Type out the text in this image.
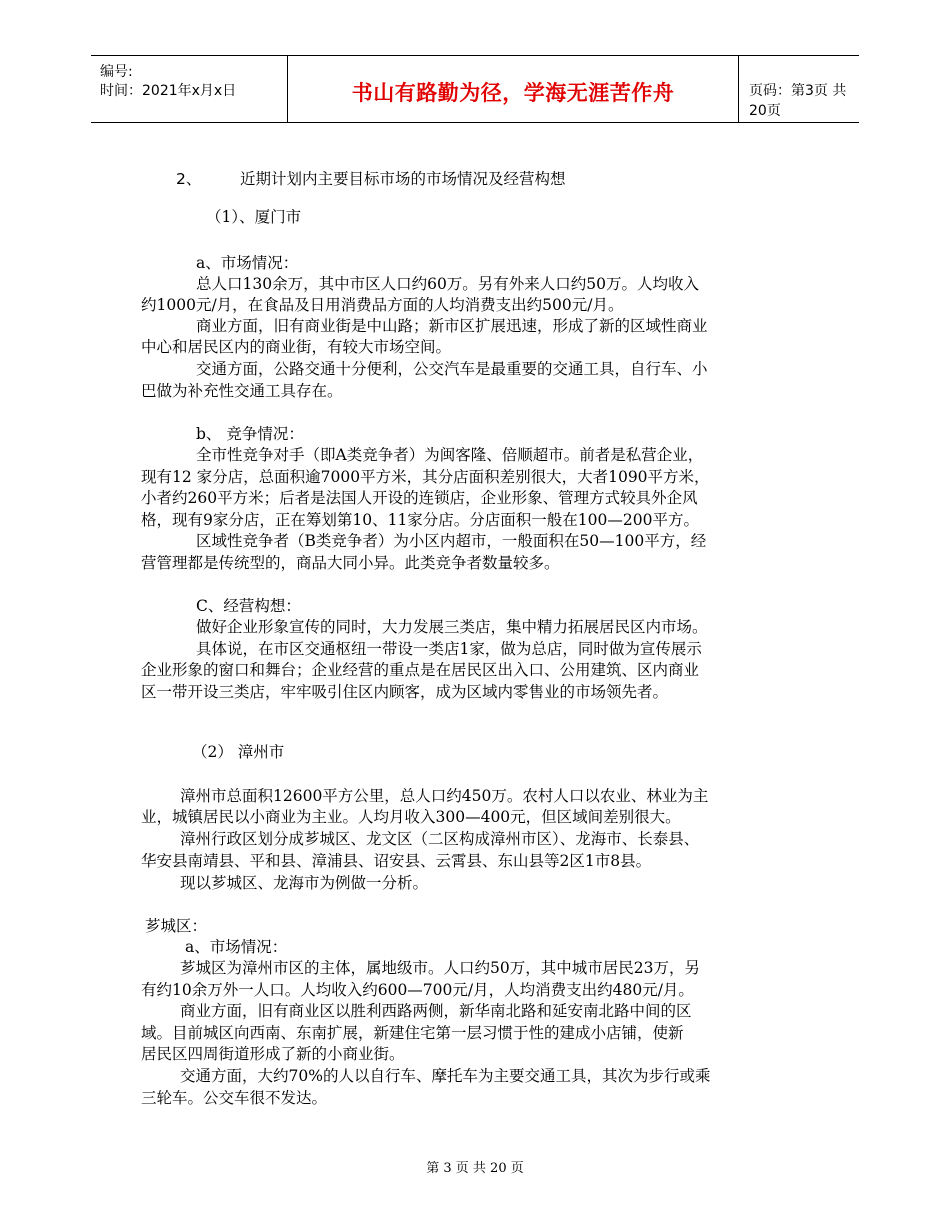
编号:
时间：2021年x月x日	书山有路勤为径，学海无涯苦作舟	页码：第3页 共20页
2、 近期计划内主要目标市场的市场情况及经营构想
（1）、厦门市
a、市场情况：
总人口130余万，其中市区人口约60万。另有外来人口约50万。人均收入
约1000元/月，在食品及日用消费品方面的人均消费支出约500元/月。
商业方面，旧有商业街是中山路；新市区扩展迅速，形成了新的区域性商业
中心和居民区内的商业街，有较大市场空间。
交通方面，公路交通十分便利，公交汽车是最重要的交通工具，自行车、小
巴做为补充性交通工具存在。
b、 竞争情况：
全市性竞争对手（即A类竞争者）为闽客隆、倍顺超市。前者是私营企业，
现有12 家分店，总面积逾7000平方米，其分店面积差别很大，大者1090平方米，
小者约260平方米；后者是法国人开设的连锁店，企业形象、管理方式较具外企风
格，现有9家分店，正在筹划第10、11家分店。分店面积一般在100—200平方。
区域性竞争者（B类竞争者）为小区内超市，一般面积在50—100平方，经
营管理都是传统型的，商品大同小异。此类竞争者数量较多。
C、经营构想：
做好企业形象宣传的同时，大力发展三类店，集中精力拓展居民区内市场。
具体说，在市区交通枢纽一带设一类店1家，做为总店，同时做为宣传展示
企业形象的窗口和舞台；企业经营的重点是在居民区出入口、公用建筑、区内商业
区一带开设三类店，牢牢吸引住区内顾客，成为区域内零售业的市场领先者。
（2） 漳州市
漳州市总面积12600平方公里，总人口约450万。农村人口以农业、林业为主
业，城镇居民以小商业为主业。人均月收入300—400元，但区域间差别很大。
漳州行政区划分成芗城区、龙文区（二区构成漳州市区）、龙海市、长泰县、
华安县南靖县、平和县、漳浦县、诏安县、云霄县、东山县等2区1市8县。
现以芗城区、龙海市为例做一分析。
芗城区：
a、市场情况：
芗城区为漳州市区的主体，属地级市。人口约50万，其中城市居民23万，另
有约10余万外一人口。人均收入约600—700元/月，人均消费支出约480元/月。
商业方面，旧有商业区以胜利西路两侧，新华南北路和延安南北路中间的区
域。目前城区向西南、东南扩展，新建住宅第一层习惯于性的建成小店铺，使新
居民区四周街道形成了新的小商业街。
交通方面，大约70%的人以自行车、摩托车为主要交通工具，其次为步行或乘
三轮车。公交车很不发达。
第 3 页 共 20 页
